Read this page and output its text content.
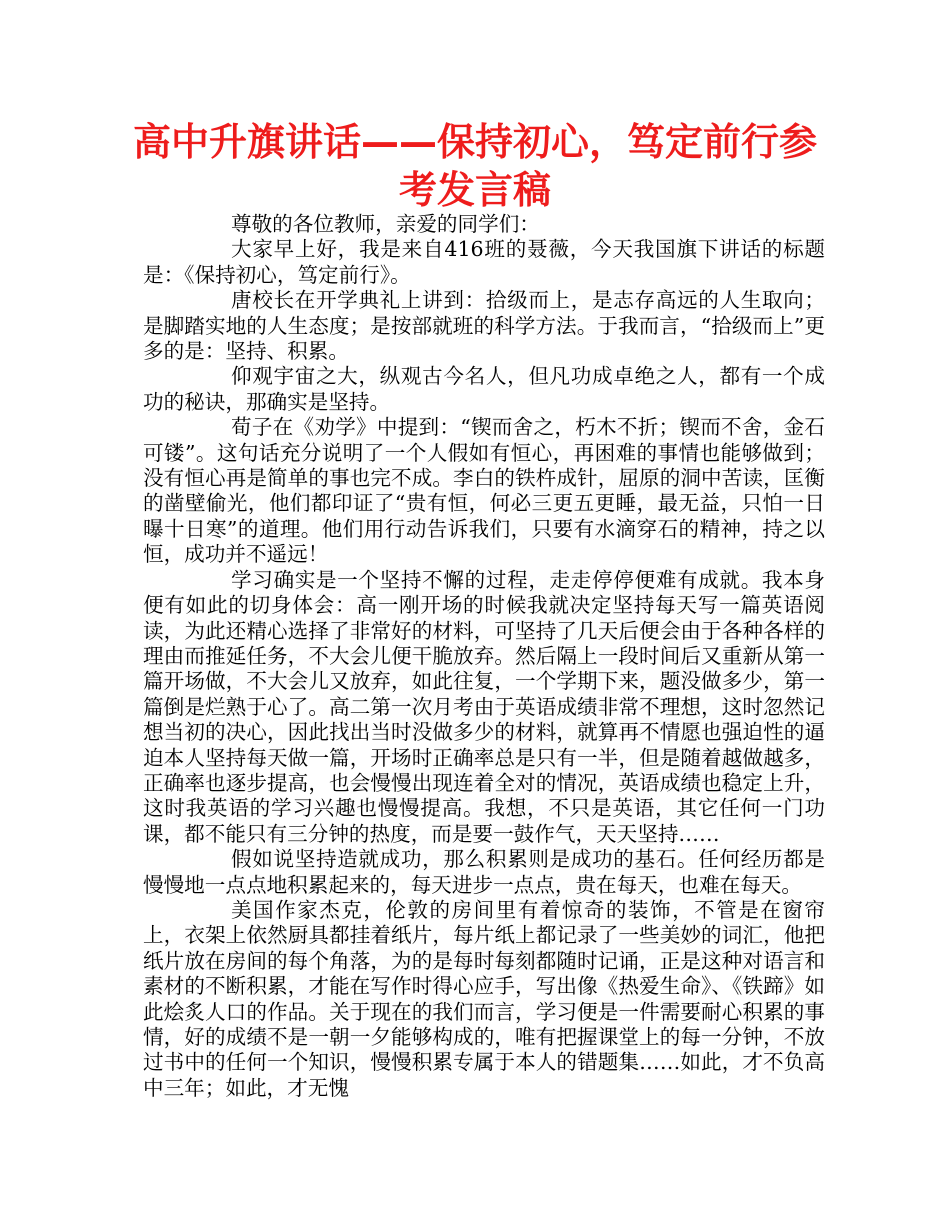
高中升旗讲话——保持初心，笃定前行参考发言稿

尊敬的各位教师，亲爱的同学们：

大家早上好，我是来自416班的聂薇，今天我国旗下讲话的标题是：《保持初心，笃定前行》。

唐校长在开学典礼上讲到：拾级而上，是志存高远的人生取向；是脚踏实地的人生态度；是按部就班的科学方法。于我而言，“拾级而上”更多的是：坚持、积累。

仰观宇宙之大，纵观古今名人，但凡功成卓绝之人，都有一个成功的秘诀，那确实是坚持。

荀子在《劝学》中提到：“锲而舍之，朽木不折；锲而不舍，金石可镂”。这句话充分说明了一个人假如有恒心，再困难的事情也能够做到；没有恒心再是简单的事也完不成。李白的铁杵成针，屈原的洞中苦读，匡衡的凿壁偷光，他们都印证了“贵有恒，何必三更五更睡，最无益，只怕一日曝十日寒”的道理。他们用行动告诉我们，只要有水滴穿石的精神，持之以恒，成功并不遥远！

学习确实是一个坚持不懈的过程，走走停停便难有成就。我本身便有如此的切身体会：高一刚开场的时候我就决定坚持每天写一篇英语阅读，为此还精心选择了非常好的材料，可坚持了几天后便会由于各种各样的理由而推延任务，不大会儿便干脆放弃。然后隔上一段时间后又重新从第一篇开场做，不大会儿又放弃，如此往复，一个学期下来，题没做多少，第一篇倒是烂熟于心了。高二第一次月考由于英语成绩非常不理想，这时忽然记想当初的决心，因此找出当时没做多少的材料，就算再不情愿也强迫性的逼迫本人坚持每天做一篇，开场时正确率总是只有一半，但是随着越做越多，正确率也逐步提高，也会慢慢出现连着全对的情况，英语成绩也稳定上升，这时我英语的学习兴趣也慢慢提高。我想，不只是英语，其它任何一门功课，都不能只有三分钟的热度，而是要一鼓作气，天天坚持……

假如说坚持造就成功，那么积累则是成功的基石。任何经历都是慢慢地一点点地积累起来的，每天进步一点点，贵在每天，也难在每天。

美国作家杰克，伦敦的房间里有着惊奇的装饰，不管是在窗帘上，衣架上依然厨具都挂着纸片，每片纸上都记录了一些美妙的词汇，他把纸片放在房间的每个角落，为的是每时每刻都随时记诵，正是这种对语言和素材的不断积累，才能在写作时得心应手，写出像《热爱生命》、《铁蹄》如此烩炙人口的作品。关于现在的我们而言，学习便是一件需要耐心积累的事情，好的成绩不是一朝一夕能够构成的，唯有把握课堂上的每一分钟，不放过书中的任何一个知识，慢慢积累专属于本人的错题集……如此，才不负高中三年；如此，才无愧
